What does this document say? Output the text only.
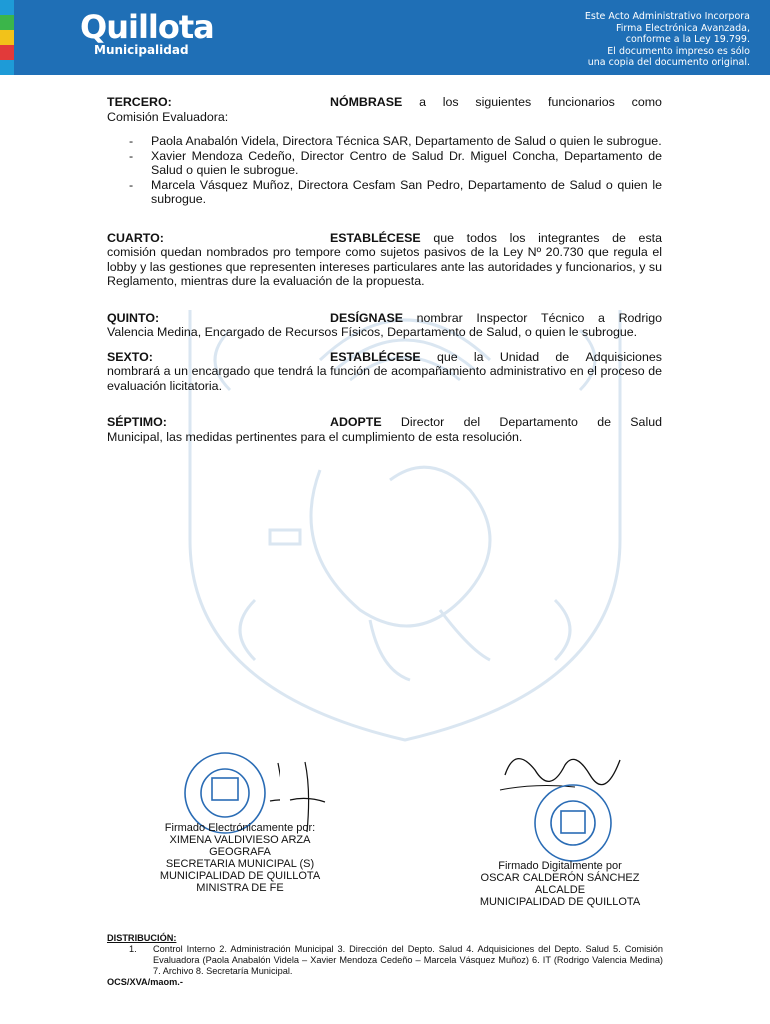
Quillota
Municipalidad
Este Acto Administrativo Incorpora
Firma Electrónica Avanzada,
conforme a la Ley 19.799.
El documento impreso es sólo
una copia del documento original.
TERCERO:	NÓMBRASE a los siguientes funcionarios como

Comisión Evaluadora:
- Paola Anabalón Videla, Directora Técnica SAR, Departamento de Salud o quien le subrogue.
- Xavier Mendoza Cedeño, Director Centro de Salud Dr. Miguel Concha, Departamento de Salud o quien le subrogue.
- Marcela Vásquez Muñoz, Directora Cesfam San Pedro, Departamento de Salud o quien le subrogue.
CUARTO:	ESTABLÉCESE que todos los integrantes de esta

comisión quedan nombrados pro tempore como sujetos pasivos de la Ley Nº 20.730 que regula el lobby y las gestiones que representen intereses particulares ante las autoridades y funcionarios, y su Reglamento, mientras dure la evaluación de la propuesta.
QUINTO:	DESÍGNASE nombrar Inspector Técnico a Rodrigo

Valencia Medina, Encargado de Recursos Físicos, Departamento de Salud, o quien le subrogue.
SEXTO:	ESTABLÉCESE que la Unidad de Adquisiciones

nombrará a un encargado que tendrá la función de acompañamiento administrativo en el proceso de evaluación licitatoria.
SÉPTIMO:	ADOPTE Director del Departamento de Salud

Municipal, las medidas pertinentes para el cumplimiento de esta resolución.

Firmado Electrónicamente por:

XIMENA VALDIVIESO ARZA

GEOGRAFA

SECRETARIA MUNICIPAL (S)

MUNICIPALIDAD DE QUILLOTA

MINISTRA DE FE

Firmado Digitalmente por

OSCAR CALDERÓN SÁNCHEZ

ALCALDE

MUNICIPALIDAD DE QUILLOTA

DISTRIBUCIÓN:
1. Control Interno 2. Administración Municipal 3. Dirección del Depto. Salud 4. Adquisiciones del Depto. Salud 5. Comisión Evaluadora (Paola Anabalón Videla – Xavier Mendoza Cedeño – Marcela Vásquez Muñoz) 6. IT (Rodrigo Valencia Medina) 7. Archivo 8. Secretaría Municipal.
OCS/XVA/maom.-
